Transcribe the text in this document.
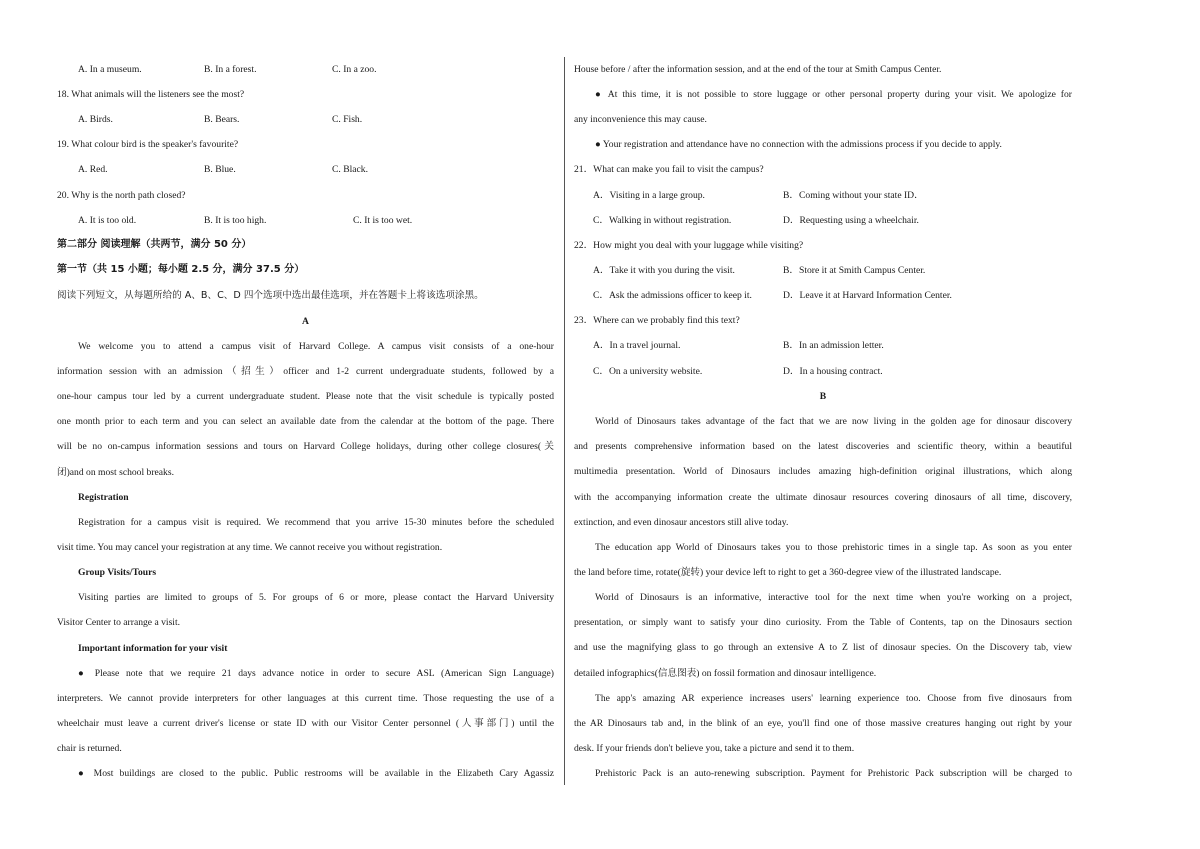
A. In a museum.	B. In a forest.	C. In a zoo.
18. What animals will the listeners see the most?
A. Birds.	B. Bears.	C. Fish.
19. What colour bird is the speaker's favourite?
A. Red.	B. Blue.	C. Black.
20. Why is the north path closed?
A. It is too old.	B. It is too high.	C. It is too wet.
第二部分 阅读理解（共两节，满分 50 分）
第一节（共 15 小题；每小题 2.5 分，满分 37.5 分）
阅读下列短文，从每题所给的 A、B、C、D 四个选项中选出最佳选项，并在答题卡上将该选项涂黑。
A
We welcome you to attend a campus visit of Harvard College. A campus visit consists of a one-hour
information session with an admission（招生）officer and 1-2 current undergraduate students, followed by a
one-hour campus tour led by a current undergraduate student. Please note that the visit schedule is typically posted
one month prior to each term and you can select an available date from the calendar at the bottom of the page. There
will be no on-campus information sessions and tours on Harvard College holidays, during other college closures(关
闭)and on most school breaks.
Registration
Registration for a campus visit is required. We recommend that you arrive 15-30 minutes before the scheduled
visit time. You may cancel your registration at any time. We cannot receive you without registration.
Group Visits/Tours
Visiting parties are limited to groups of 5. For groups of 6 or more, please contact the Harvard University
Visitor Center to arrange a visit.
Important information for your visit
● Please note that we require 21 days advance notice in order to secure ASL (American Sign Language)
interpreters. We cannot provide interpreters for other languages at this current time. Those requesting the use of a
wheelchair must leave a current driver's license or state ID with our Visitor Center personnel (人事部门) until the
chair is returned.
● Most buildings are closed to the public. Public restrooms will be available in the Elizabeth Cary Agassiz
House before / after the information session, and at the end of the tour at Smith Campus Center.
● At this time, it is not possible to store luggage or other personal property during your visit. We apologize for
any inconvenience this may cause.
● Your registration and attendance have no connection with the admissions process if you decide to apply.
21．What can make you fail to visit the campus?
A．Visiting in a large group.	B．Coming without your state ID．
C．Walking in without registration.	D．Requesting using a wheelchair.
22．How might you deal with your luggage while visiting?
A．Take it with you during the visit.	B．Store it at Smith Campus Center.
C．Ask the admissions officer to keep it.	D．Leave it at Harvard Information Center.
23．Where can we probably find this text?
A．In a travel journal.	B．In an admission letter.
C．On a university website.	D．In a housing contract.
B
World of Dinosaurs takes advantage of the fact that we are now living in the golden age for dinosaur discovery
and presents comprehensive information based on the latest discoveries and scientific theory, within a beautiful
multimedia presentation. World of Dinosaurs includes amazing high-definition original illustrations, which along
with the accompanying information create the ultimate dinosaur resources covering dinosaurs of all time, discovery,
extinction, and even dinosaur ancestors still alive today.
The education app World of Dinosaurs takes you to those prehistoric times in a single tap. As soon as you enter
the land before time, rotate(旋转) your device left to right to get a 360-degree view of the illustrated landscape.
World of Dinosaurs is an informative, interactive tool for the next time when you're working on a project,
presentation, or simply want to satisfy your dino curiosity. From the Table of Contents, tap on the Dinosaurs section
and use the magnifying glass to go through an extensive A to Z list of dinosaur species. On the Discovery tab, view
detailed infographics(信息图表) on fossil formation and dinosaur intelligence.
The app's amazing AR experience increases users' learning experience too. Choose from five dinosaurs from
the AR Dinosaurs tab and, in the blink of an eye, you'll find one of those massive creatures hanging out right by your
desk. If your friends don't believe you, take a picture and send it to them.
Prehistoric Pack is an auto-renewing subscription. Payment for Prehistoric Pack subscription will be charged to
